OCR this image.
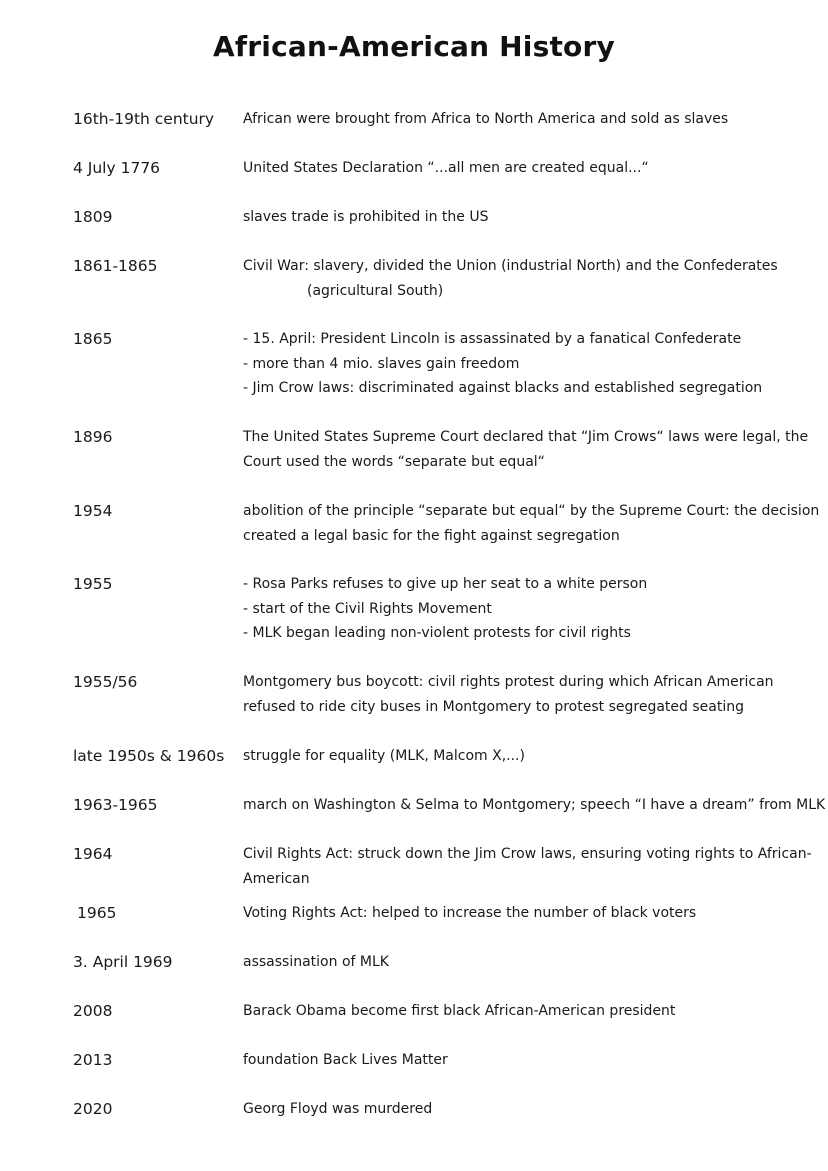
African-American History
16th-19th century	African were brought from Africa to North America and sold as slaves
4 July 1776	United States Declaration “...all men are created equal...“
1809	slaves trade is prohibited in the US
1861-1865	Civil War: slavery, divided the Union (industrial North) and the Confederates
(agricultural South)
1865	- 15. April: President Lincoln is assassinated by a fanatical Confederate
- more than 4 mio. slaves gain freedom
- Jim Crow laws: discriminated against blacks and established segregation
1896	The United States Supreme Court declared that “Jim Crows“ laws were legal, the
Court used the words “separate but equal“
1954	abolition of the principle “separate but equal“ by the Supreme Court: the decision
created a legal basic for the fight against segregation
1955	- Rosa Parks refuses to give up her seat to a white person
- start of the Civil Rights Movement
- MLK began leading non-violent protests for civil rights
1955/56	Montgomery bus boycott: civil rights protest during which African American
refused to ride city buses in Montgomery to protest segregated seating
late 1950s & 1960s	struggle for equality (MLK, Malcom X,...)
1963-1965	march on Washington & Selma to Montgomery; speech “I have a dream” from MLK
1964	Civil Rights Act: struck down the Jim Crow laws, ensuring voting rights to African-
American
1965	Voting Rights Act: helped to increase the number of black voters
3. April 1969	assassination of MLK
2008	Barack Obama become first black African-American president
2013	foundation Back Lives Matter
2020	Georg Floyd was murdered
